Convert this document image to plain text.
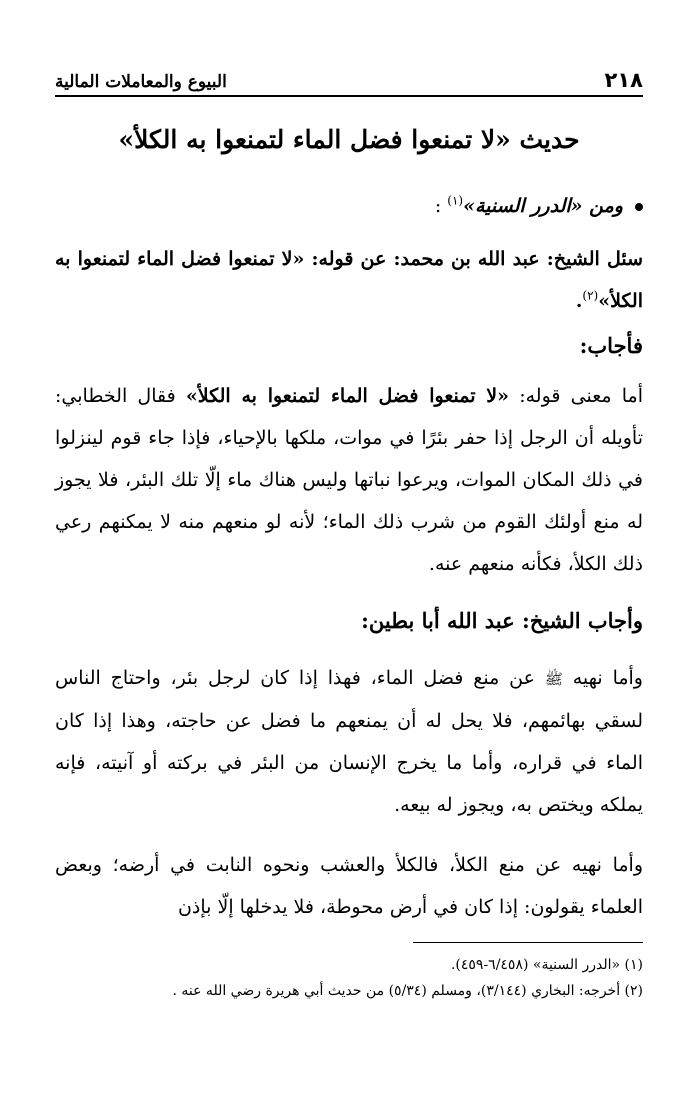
٢١٨
البيوع والمعاملات المالية
حديث «لا تمنعوا فضل الماء لتمنعوا به الكلأ»

ومن «الدرر السنية»$^{(١)}$ :

سئل الشيخ: عبد الله بن محمد: عن قوله: «لا تمنعوا فضل الماء لتمنعوا به الكلأ»$^{(٢)}$.

فأجاب:

أما معنى قوله: «لا تمنعوا فضل الماء لتمنعوا به الكلأ» فقال الخطابي: تأويله أن الرجل إذا حفر بئرًا في موات، ملكها بالإحياء، فإذا جاء قوم لينزلوا في ذلك المكان الموات، ويرعوا نباتها وليس هناك ماء إلّا تلك البئر، فلا يجوز له منع أولئك القوم من شرب ذلك الماء؛ لأنه لو منعهم منه لا يمكنهم رعي ذلك الكلأ، فكأنه منعهم عنه.

وأجاب الشيخ: عبد الله أبا بطين:

وأما نهيه ﷺ عن منع فضل الماء، فهذا إذا كان لرجل بئر، واحتاج الناس لسقي بهائمهم، فلا يحل له أن يمنعهم ما فضل عن حاجته، وهذا إذا كان الماء في قراره، وأما ما يخرج الإنسان من البئر في بركته أو آنيته، فإنه يملكه ويختص به، ويجوز له بيعه.

وأما نهيه عن منع الكلأ، فالكلأ والعشب ونحوه النابت في أرضه؛ وبعض العلماء يقولون: إذا كان في أرض محوطة، فلا يدخلها إلّا بإذن

(١) «الدرر السنية» (٦/٤٥٨-٤٥٩).
(٢) أخرجه: البخاري (٣/١٤٤)، ومسلم (٥/٣٤) من حديث أبي هريرة رضي الله عنه .
